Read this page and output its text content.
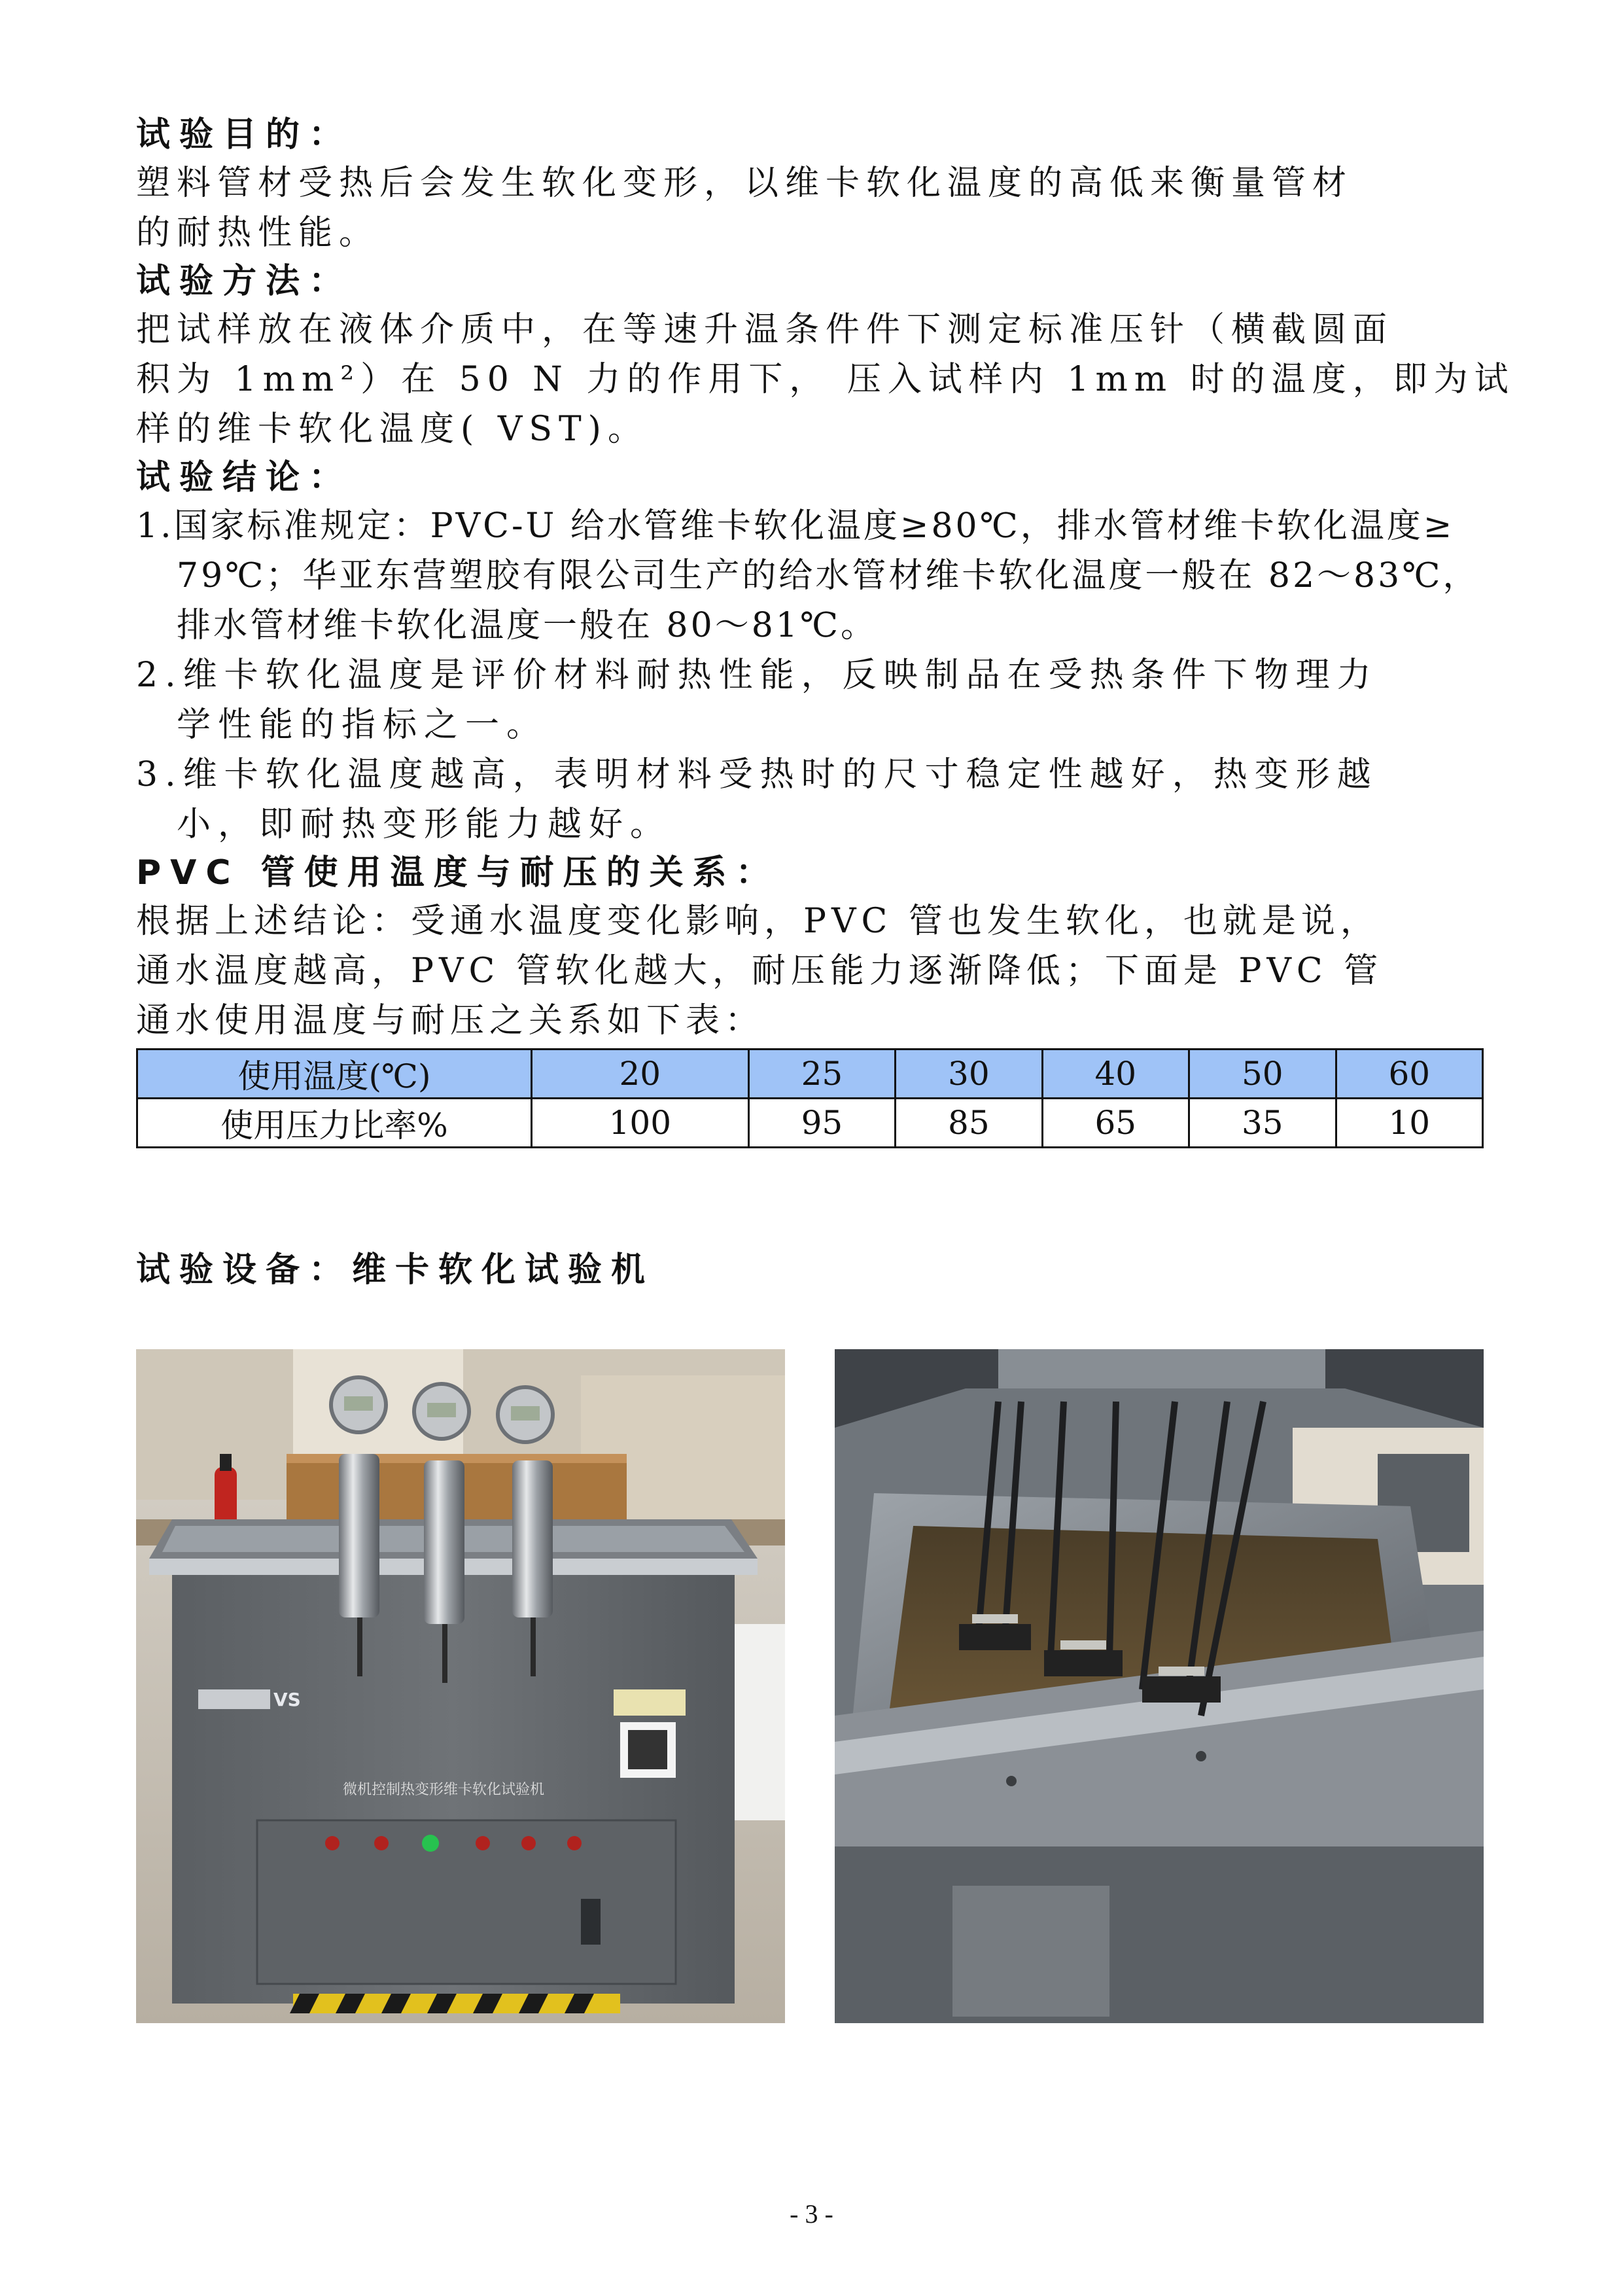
试验目的：

塑料管材受热后会发生软化变形，以维卡软化温度的高低来衡量管材
的耐热性能。

试验方法：

把试样放在液体介质中，在等速升温条件件下测定标准压针（横截圆面
积为 1mm²）在 50 N 力的作用下， 压入试样内 1mm 时的温度，即为试
样的维卡软化温度( VST)。

试验结论：

1.国家标准规定：PVC-U 给水管维卡软化温度≥80℃，排水管材维卡软化温度≥
79℃；华亚东营塑胶有限公司生产的给水管材维卡软化温度一般在 82～83℃，
排水管材维卡软化温度一般在 80～81℃。
2.维卡软化温度是评价材料耐热性能，反映制品在受热条件下物理力
学性能的指标之一。
3.维卡软化温度越高，表明材料受热时的尺寸稳定性越好，热变形越
小，即耐热变形能力越好。

PVC 管使用温度与耐压的关系：

根据上述结论：受通水温度变化影响，PVC 管也发生软化，也就是说，
通水温度越高，PVC 管软化越大，耐压能力逐渐降低；下面是 PVC 管
通水使用温度与耐压之关系如下表：

使用温度(℃)	20	25	30	40	50	60
使用压力比率%	100	95	85	65	35	10

试验设备：维卡软化试验机

VS
微机控制热变形维卡软化试验机
- 3 -
